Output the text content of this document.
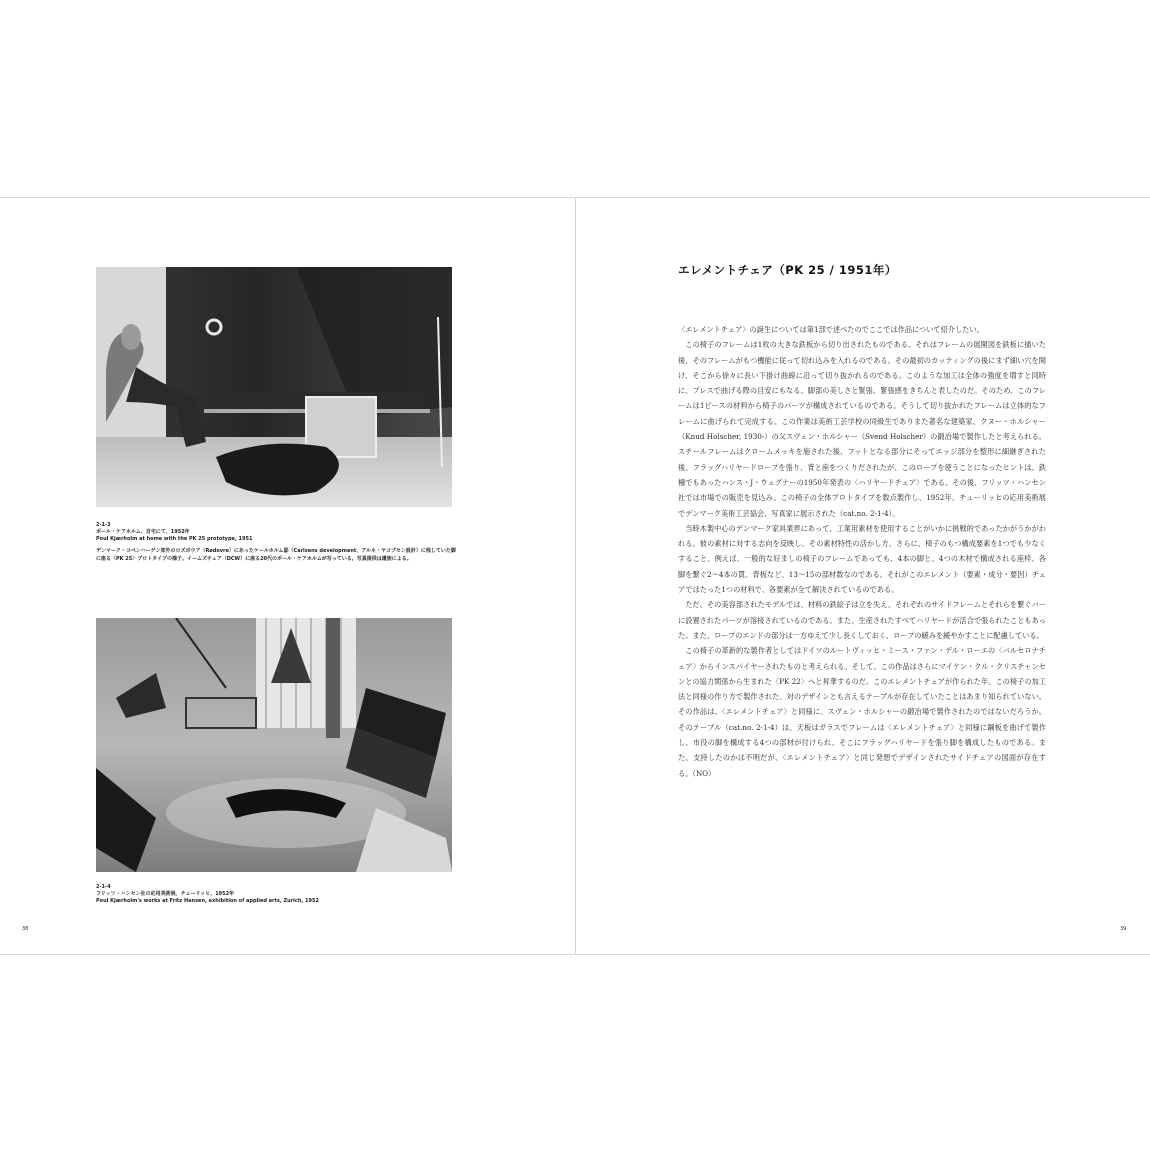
2-1-3
ポール・ケアホルム、自宅にて、1952年
Poul Kjærholm at home with the PK 25 prototype, 1951
デンマーク・コペンハーゲン郊外のロズボウア（Rødovre）にあったケールホルム邸（Carlsens development、アルネ・ヤコブセン設計）に残していた脚に座る〈PK 25〉プロトタイプの様子。イームズチェア（DCW）に座る20代のポール・ケアホルムが写っている。写真提供は遺族による。
2-1-4
フリッツ・ハンセン社の応用美術展、チューリッヒ、1952年
Poul Kjærholm's works at Fritz Hansen, exhibition of applied arts, Zurich, 1952
38
エレメントチェア（PK 25 / 1951年）

〈エレメントチェア〉の誕生については第1部で述べたのでここでは作品について紹介したい。

この椅子のフレームは1枚の大きな鉄板から切り出されたものである。それはフレームの展開図を鉄板に描いた後、そのフレームがもつ機能に従って切れ込みを入れるのである。その最初のカッティングの後にまず細い穴を開け、そこから徐々に長い下掛け曲線に沿って切り抜かれるのである。このような加工は全体の強度を増すと同時に、プレスで曲げる際の目安にもなる。脚部の美しさと緊張、緊張感をきちんと表したのだ。そのため、このフレームは1ピースの材料から椅子のパーツが構成されているのである。そうして切り抜かれたフレームは立体的なフレームに曲げられて完成する。この作業は美術工芸学校の同級生でありまた著名な建築家、クヌー・ホルシャー（Knud Holscher, 1930-）の父スヴェン・ホルシャー（Svend Holscher）の鍛冶場で製作したと考えられる。スチールフレームはクロームメッキを施された後、フットとなる部分にそってエッジ部分を整形に細継ぎされた後、フラッグハリヤードロープを張り、背と座をつくりだされたが、このロープを使うことになったヒントは、鉄柵でもあったハンス・J・ウェグナーの1950年発表の〈ハリヤードチェア〉である。その後、フリッツ・ハンセン社では市場での販売を見込み、この椅子の全体プロトタイプを数点製作し、1952年、チューリッヒの応用美術展でデンマーク美術工芸協会、写真家に展示された（cat.no. 2-1-4）。

当時木製中心のデンマーク家具業界にあって、工業用素材を使用することがいかに挑戦的であったかがうかがわれる。彼の素材に対する志向を反映し、その素材特性の活かし方、さらに、椅子のもつ構成要素を1つでも少なくすること、例えば、一般的な好ましの椅子のフレームであっても、4本の脚と、4つの木材で構成される座枠、各脚を繋ぐ2～4本の貫、背板など、13～15の部材数なのである。それがこのエレメント（要素・成分・要因）チェアではたった1つの材料で、各要素が全て解決されているのである。

ただ、その美容部されたモデルでは、材料の鉄絵子は立を失え、それぞれのサイドフレームとそれらを繋ぐバーに設置されたパーツが溶接されているのである。また、生産されたすべてハリヤードが活合で張られたこともあった。また、ロープのエンドの部分は一方ゆえて少し長くしておく、ロープの緩みを緩やかすことに配慮している。

この椅子の革新的な製作者としてはドイツのルートヴィッヒ・ミース・ファン・デル・ローエの〈バルセロナチェア〉からインスパイヤーされたものと考えられる。そして、この作品はさらにマイケン・クル・クリスチャンセンとの協力関係から生まれた〈PK 22〉へと昇華するのだ。このエレメントチェアが作られた年、この椅子の加工法と同様の作り方で製作された、対のデザインとも言えるテーブルが存在していたことはあまり知られていない。その作品は、〈エレメントチェア〉と同様に、スヴェン・ホルシャーの鍛冶場で製作されたのではないだろうか。そのテーブル（cat.no. 2-1-4）は、天板はガラスでフレームは〈エレメントチェア〉と同様に鋼板を曲げて製作し、市役の脚を構成する4つの部材が付けられ、そこにフラッグハリヤードを張り脚を構成したものである。また、支持したのかは不明だが、〈エレメントチェア〉と同じ発想でデザインされたサイドチェアの図面が存在する。（NO）

39
